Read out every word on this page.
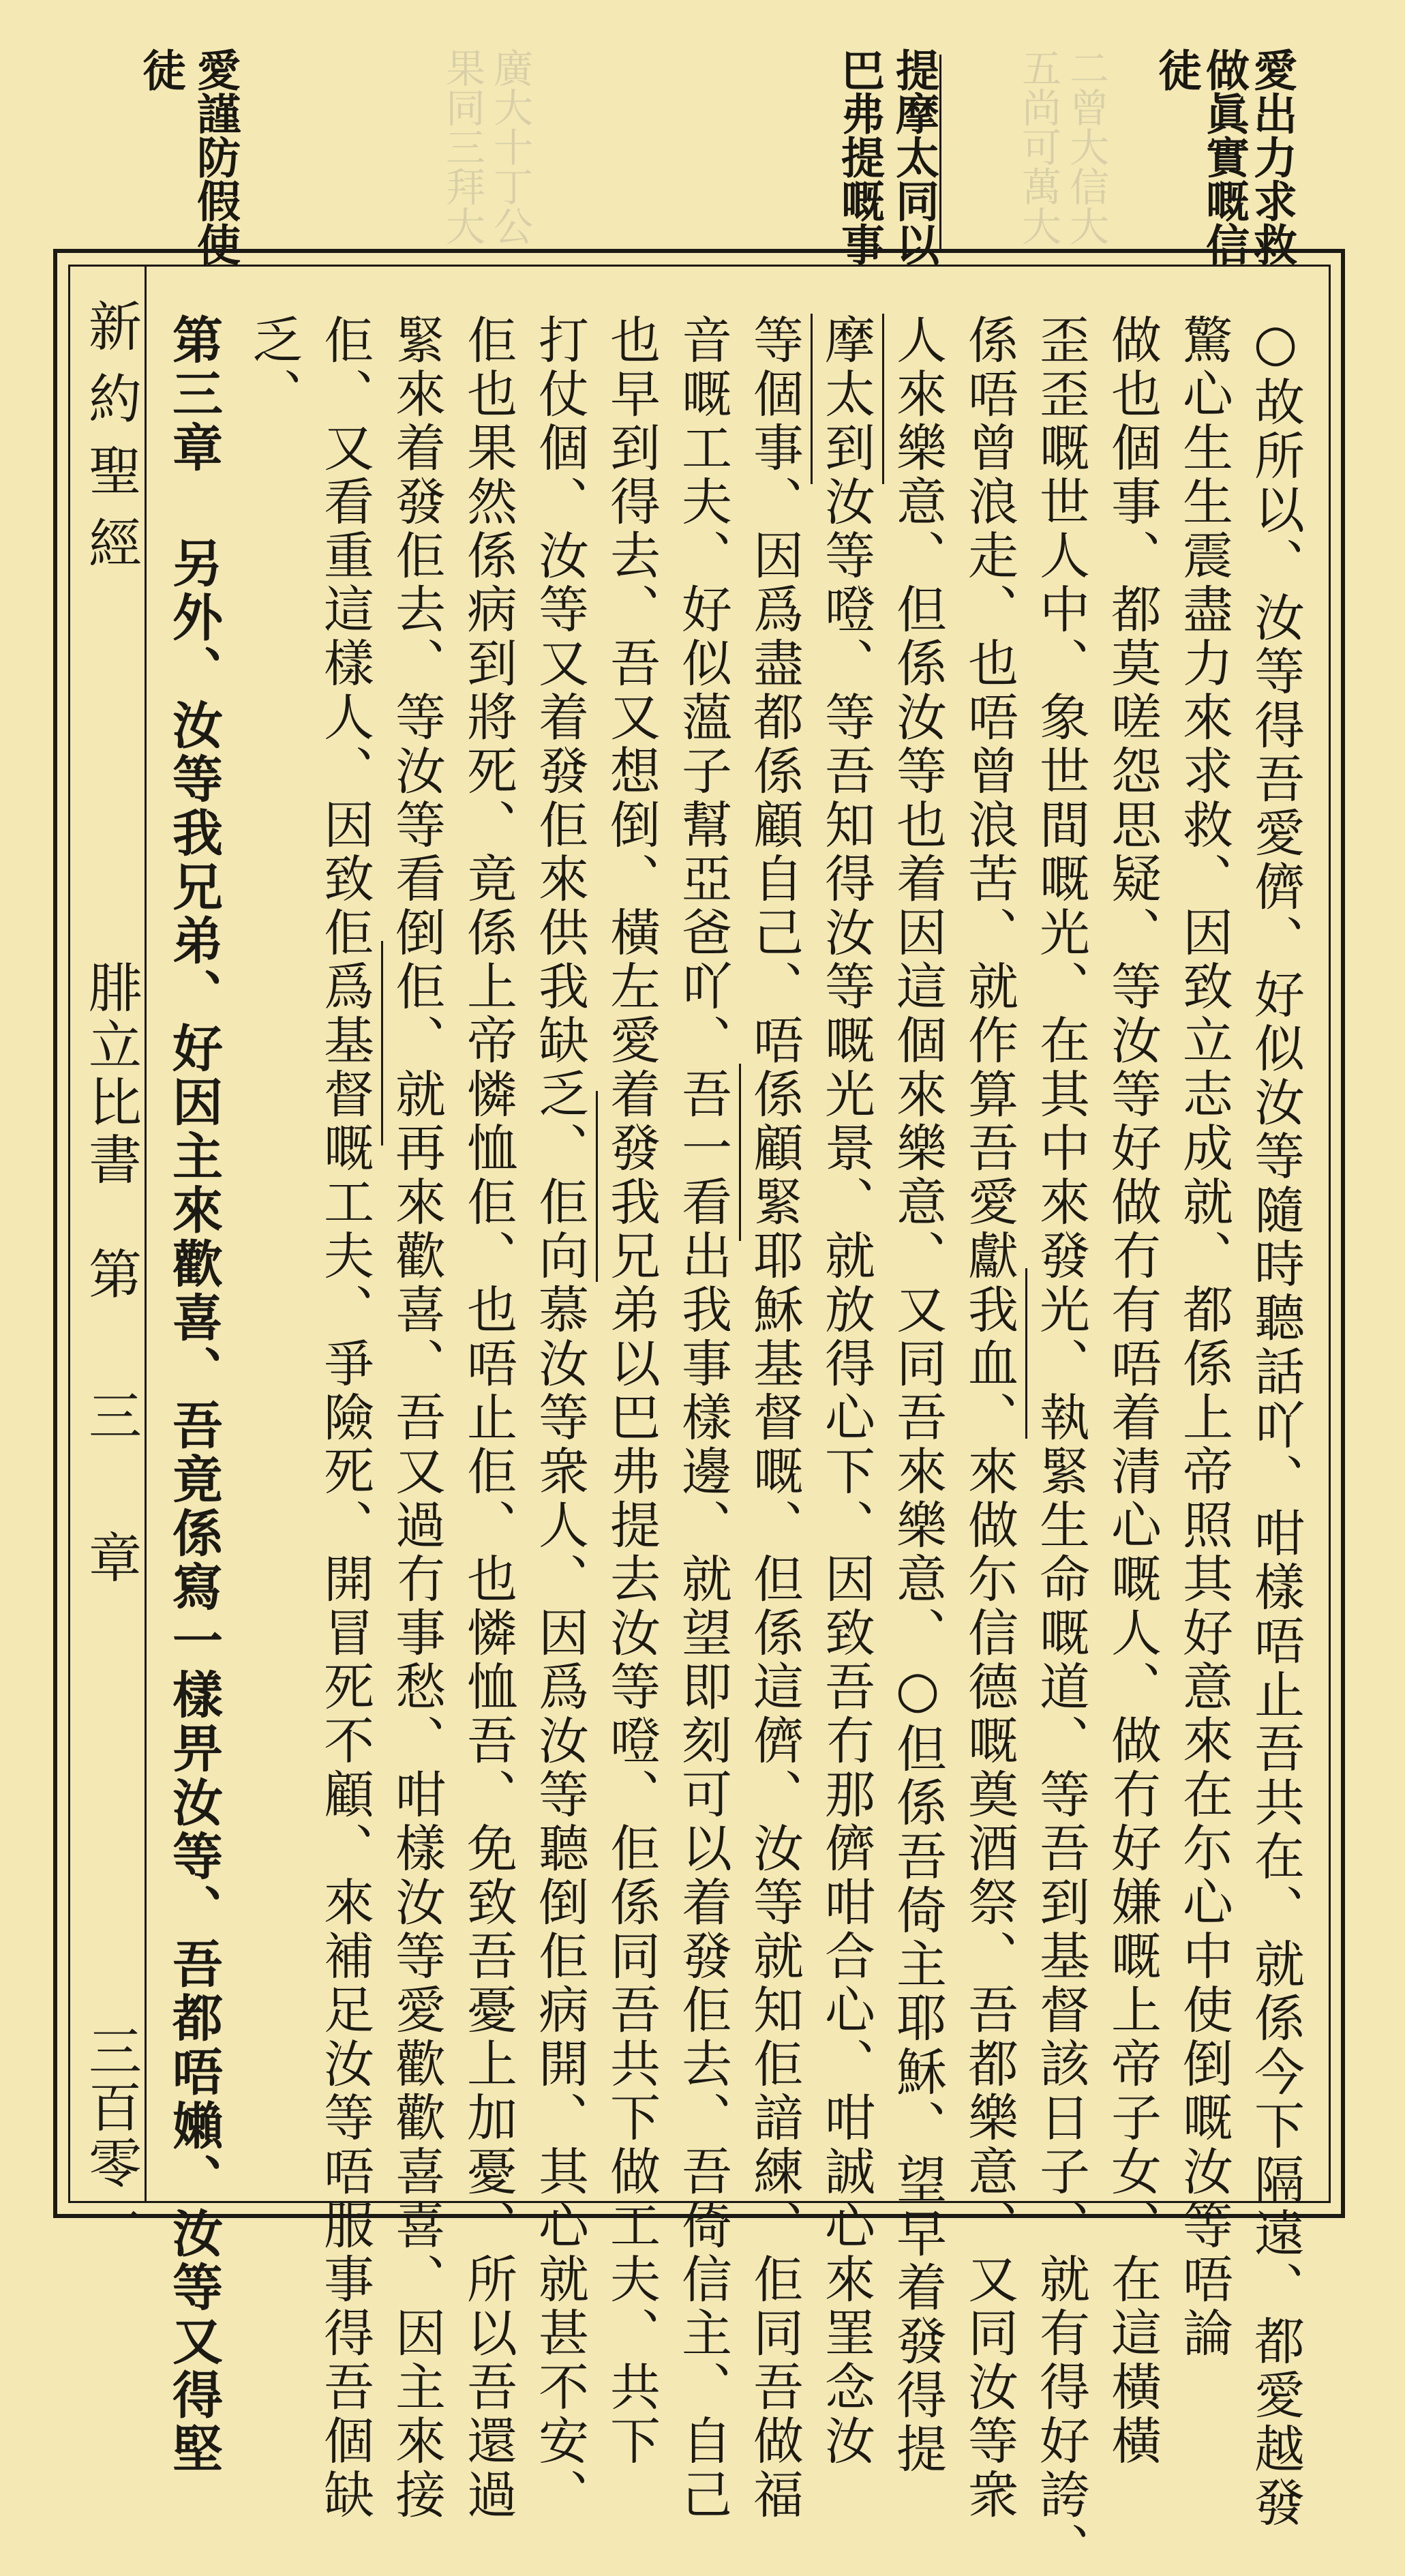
愛出力求救
做眞實嘅信
徒
提摩太同以
巴弗提嘅事
愛謹防假使
徒	二曾大信大
五尚可萬大
廣大十丁公
果同三拜大
新約聖經
腓立比書
第 三 章
三百零一	○故所以、汝等得吾愛儕、好似汝等隨時聽話吖、咁樣唔止吾共在、就係今下隔遠、都愛越發
驚心生生震盡力來求救、因致立志成就、都係上帝照其好意來在尓心中使倒嘅汝等唔論
做也個事、都莫嗟怨思疑、等汝等好做冇有唔着清心嘅人、做冇好嫌嘅上帝子女、在這橫橫
歪歪嘅世人中、象世間嘅光、在其中來發光、執緊生命嘅道、等吾到基督該日子、就有得好誇、
係唔曾浪走、也唔曾浪苦、就作算吾愛獻我血、來做尓信德嘅奠酒祭、吾都樂意、又同汝等衆
人來樂意、但係汝等也着因這個來樂意、又同吾來樂意、○但係吾倚主耶穌、望早着發得提
摩太到汝等噔、等吾知得汝等嘅光景、就放得心下、因致吾冇那儕咁合心、咁誠心來罣念汝
等個事、因爲盡都係顧自己、唔係顧緊耶穌基督嘅、但係這儕、汝等就知佢諳練、佢同吾做福
音嘅工夫、好似薀子幫亞爸吖、吾一看出我事樣邊、就望即刻可以着發佢去、吾倚信主、自己
也早到得去、吾又想倒、橫左愛着發我兄弟以巴弗提去汝等噔、佢係同吾共下做工夫、共下
打仗個、汝等又着發佢來供我缺乏、佢向慕汝等衆人、因爲汝等聽倒佢病開、其心就甚不安、
佢也果然係病到將死、竟係上帝憐恤佢、也唔止佢、也憐恤吾、免致吾憂上加憂、所以吾還過
緊來着發佢去、等汝等看倒佢、就再來歡喜、吾又過冇事愁、咁樣汝等愛歡歡喜喜、因主來接
佢、又看重這樣人、因致佢爲基督嘅工夫、爭險死、開冒死不顧、來補足汝等唔服事得吾個缺
乏、
第三章 另外、汝等我兄弟、好因主來歡喜、吾竟係寫一樣畀汝等、吾都唔嬾、汝等又得堅
